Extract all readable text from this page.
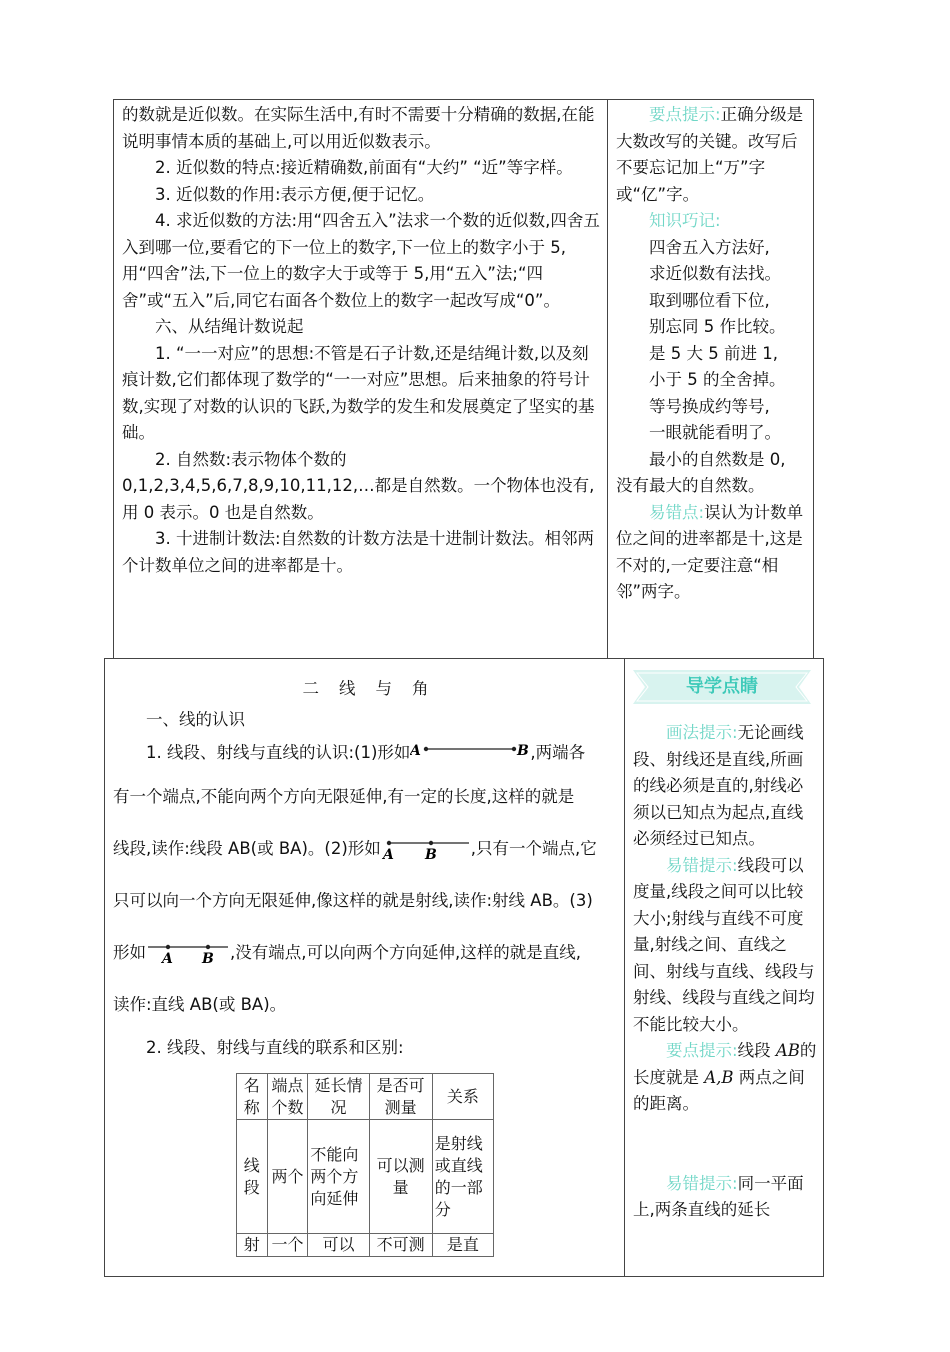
的数就是近似数。在实际生活中,有时不需要十分精确的数据,在能说明事情本质的基础上,可以用近似数表示。

2. 近似数的特点:接近精确数,前面有“大约” “近”等字样。

3. 近似数的作用:表示方便,便于记忆。

4. 求近似数的方法:用“四舍五入”法求一个数的近似数,四舍五入到哪一位,要看它的下一位上的数字,下一位上的数字小于 5,用“四舍”法,下一位上的数字大于或等于 5,用“五入”法;“四舍”或“五入”后,同它右面各个数位上的数字一起改写成“0”。

六、从结绳计数说起

1. “一一对应”的思想:不管是石子计数,还是结绳计数,以及刻痕计数,它们都体现了数学的“一一对应”思想。后来抽象的符号计数,实现了对数的认识的飞跃,为数学的发生和发展奠定了坚实的基础。

2. 自然数:表示物体个数的 0,1,2,3,4,5,6,7,8,9,10,11,12,…都是自然数。一个物体也没有,用 0 表示。0 也是自然数。

3. 十进制计数法:自然数的计数方法是十进制计数法。相邻两个计数单位之间的进率都是十。

要点提示:正确分级是大数改写的关键。改写后不要忘记加上“万”字或“亿”字。

知识巧记:

四舍五入方法好,

求近似数有法找。

取到哪位看下位,

别忘同 5 作比较。

是 5 大 5 前进 1,

小于 5 的全舍掉。

等号换成约等号,

一眼就能看明了。

最小的自然数是 0,

没有最大的自然数。

易错点:误认为计数单位之间的进率都是十,这是不对的,一定要注意“相邻”两字。

二 线 与 角

一、线的认识

1. 线段、射线与直线的认识:(1)形如 A	B ,两端各

有一个端点,不能向两个方向无限延伸,有一定的长度,这样的就是

线段,读作:线段 AB(或 BA)。(2)形如 A B ,只有一个端点,它

只可以向一个方向无限延伸,像这样的就是射线,读作:射线 AB。(3)

形如 A B ,没有端点,可以向两个方向延伸,这样的就是直线,

读作:直线 AB(或 BA)。

2. 线段、射线与直线的联系和区别:

名称	端点个数	延长情况	是否可测量	关系
线段	两个	不能向两个方向延伸	可以测量	是射线或直线的一部分
射	一个	可以	不可测	是直
导学点睛

画法提示:无论画线段、射线还是直线,所画的线必须是直的,射线必须以已知点为起点,直线必须经过已知点。

易错提示:线段可以度量,线段之间可以比较大小;射线与直线不可度量,射线之间、直线之间、射线与直线、线段与射线、线段与直线之间均不能比较大小。

要点提示:线段 AB的长度就是 A,B 两点之间的距离。

易错提示:同一平面上,两条直线的延长
